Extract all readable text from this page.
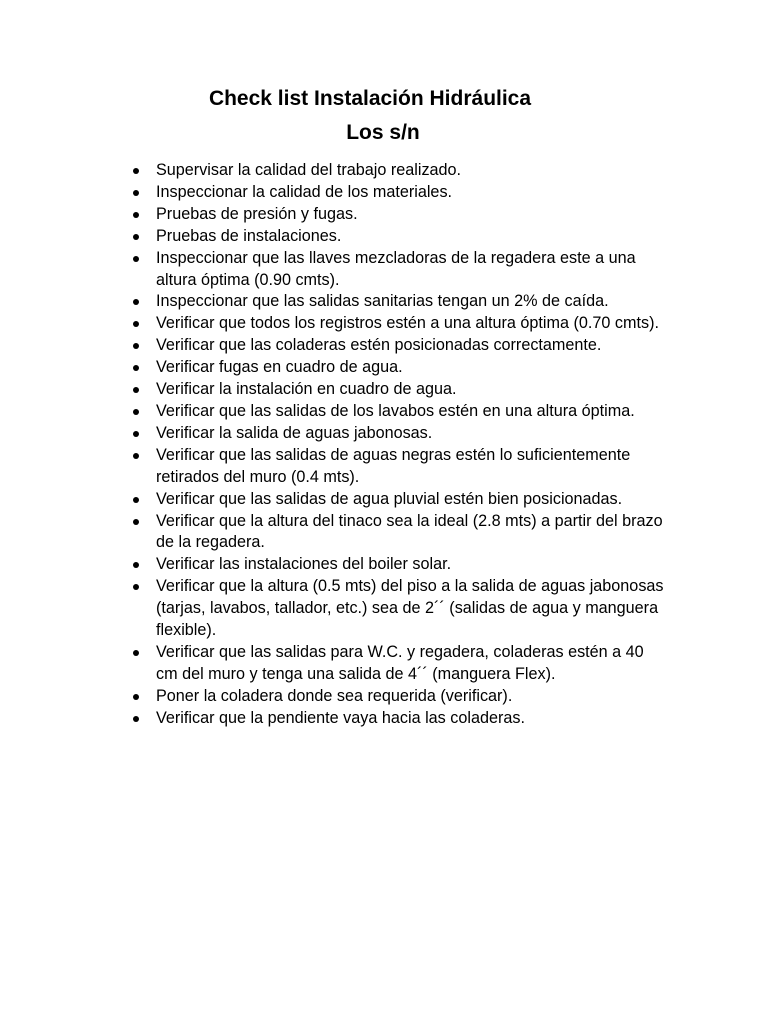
Check list Instalación Hidráulica
Los s/n
Supervisar la calidad del trabajo realizado.
Inspeccionar la calidad de los materiales.
Pruebas de presión y fugas.
Pruebas de instalaciones.
Inspeccionar que las llaves mezcladoras de la regadera este a una altura óptima (0.90 cmts).
Inspeccionar que las salidas sanitarias tengan un 2% de caída.
Verificar que todos los registros estén a una altura óptima (0.70 cmts).
Verificar que las coladeras estén posicionadas correctamente.
Verificar fugas en cuadro de agua.
Verificar la instalación en cuadro de agua.
Verificar que las salidas de los lavabos estén en una altura óptima.
Verificar la salida de aguas jabonosas.
Verificar que las salidas de aguas negras estén lo suficientemente retirados del muro (0.4 mts).
Verificar que las salidas de agua pluvial estén bien posicionadas.
Verificar que la altura del tinaco sea la ideal (2.8 mts) a partir del brazo de la regadera.
Verificar las instalaciones del boiler solar.
Verificar que la altura (0.5 mts) del piso a la salida de aguas jabonosas (tarjas, lavabos, tallador, etc.) sea de 2´´ (salidas de agua y manguera flexible).
Verificar que las salidas para W.C. y regadera, coladeras estén a 40 cm del muro y tenga una salida de 4´´ (manguera Flex).
Poner la coladera donde sea requerida (verificar).
Verificar que la pendiente vaya hacia las coladeras.
